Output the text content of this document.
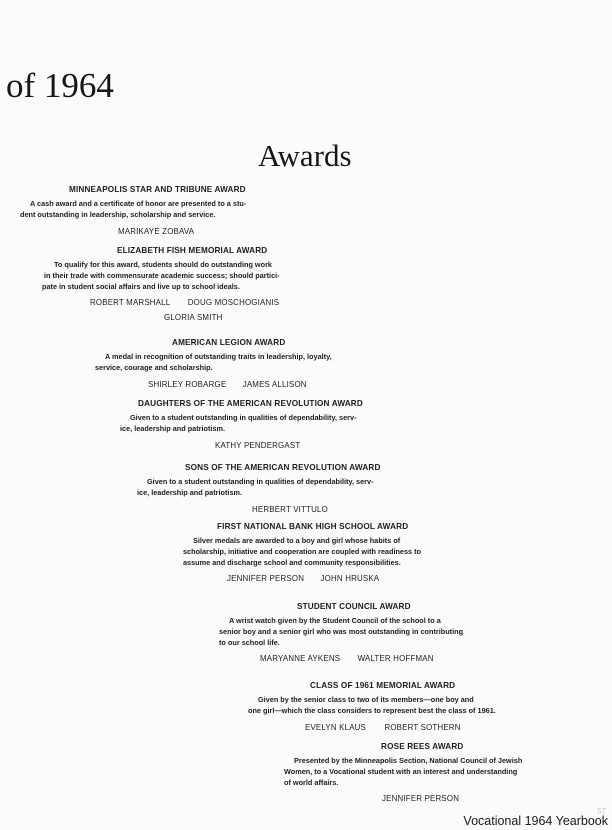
of 1964
Awards
MINNEAPOLIS STAR AND TRIBUNE AWARD
A cash award and a certificate of honor are presented to a stu-
dent outstanding in leadership, scholarship and service.
MARIKAYE ZOBAVA
ELIZABETH FISH MEMORIAL AWARD
To qualify for this award, students should do outstanding work
in their trade with commensurate academic success; should partici-
pate in student social affairs and live up to school ideals.
ROBERT MARSHALL DOUG MOSCHOGIANIS
GLORIA SMITH
AMERICAN LEGION AWARD
A medal in recognition of outstanding traits in leadership, loyalty,
service, courage and scholarship.
SHIRLEY ROBARGE JAMES ALLISON
DAUGHTERS OF THE AMERICAN REVOLUTION AWARD
Given to a student outstanding in qualities of dependability, serv-
ice, leadership and patriotism.
KATHY PENDERGAST
SONS OF THE AMERICAN REVOLUTION AWARD
Given to a student outstanding in qualities of dependability, serv-
ice, leadership and patriotism.
HERBERT VITTULO
FIRST NATIONAL BANK HIGH SCHOOL AWARD
Silver medals are awarded to a boy and girl whose habits of
scholarship, initiative and cooperation are coupled with readiness to
assume and discharge school and community responsibilities.
JENNIFER PERSON JOHN HRUSKA
STUDENT COUNCIL AWARD
A wrist watch given by the Student Council of the school to a
senior boy and a senior girl who was most outstanding in contributing
to our school life.
MARYANNE AYKENS WALTER HOFFMAN
CLASS OF 1961 MEMORIAL AWARD
Given by the senior class to two of its members—one boy and
one girl—which the class considers to represent best the class of 1961.
EVELYN KLAUS ROBERT SOTHERN
ROSE REES AWARD
Presented by the Minneapolis Section, National Council of Jewish
Women, to a Vocational student with an interest and understanding
of world affairs.
JENNIFER PERSON
57
Vocational 1964 Yearbook
